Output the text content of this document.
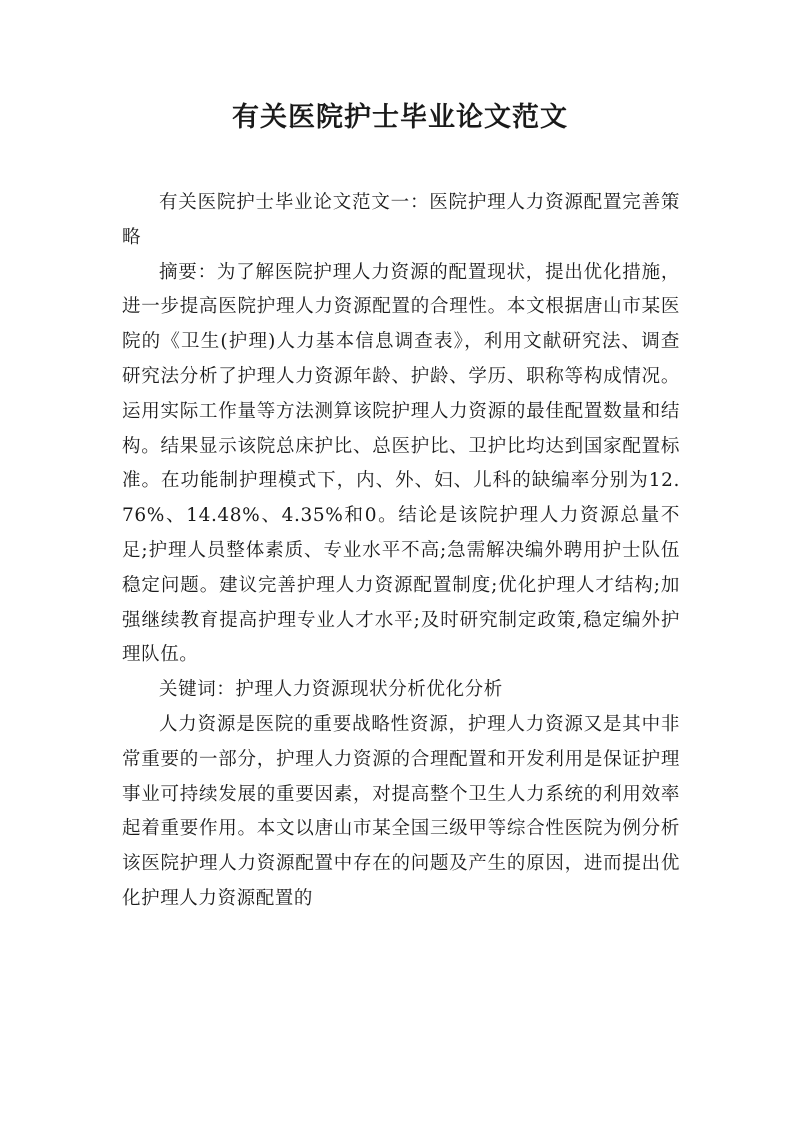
有关医院护士毕业论文范文

有关医院护士毕业论文范文一：医院护理人力资源配置完善策略

摘要：为了解医院护理人力资源的配置现状，提出优化措施，进一步提高医院护理人力资源配置的合理性。本文根据唐山市某医院的《卫生(护理)人力基本信息调查表》，利用文献研究法、调查研究法分析了护理人力资源年龄、护龄、学历、职称等构成情况。运用实际工作量等方法测算该院护理人力资源的最佳配置数量和结构。结果显示该院总床护比、总医护比、卫护比均达到国家配置标准。在功能制护理模式下，内、外、妇、儿科的缺编率分别为12.76%、14.48%、4.35%和0。结论是该院护理人力资源总量不足;护理人员整体素质、专业水平不高;急需解决编外聘用护士队伍稳定问题。建议完善护理人力资源配置制度;优化护理人才结构;加强继续教育提高护理专业人才水平;及时研究制定政策,稳定编外护理队伍。

关键词：护理人力资源现状分析优化分析

人力资源是医院的重要战略性资源，护理人力资源又是其中非常重要的一部分，护理人力资源的合理配置和开发利用是保证护理事业可持续发展的重要因素，对提高整个卫生人力系统的利用效率起着重要作用。本文以唐山市某全国三级甲等综合性医院为例分析该医院护理人力资源配置中存在的问题及产生的原因，进而提出优化护理人力资源配置的
